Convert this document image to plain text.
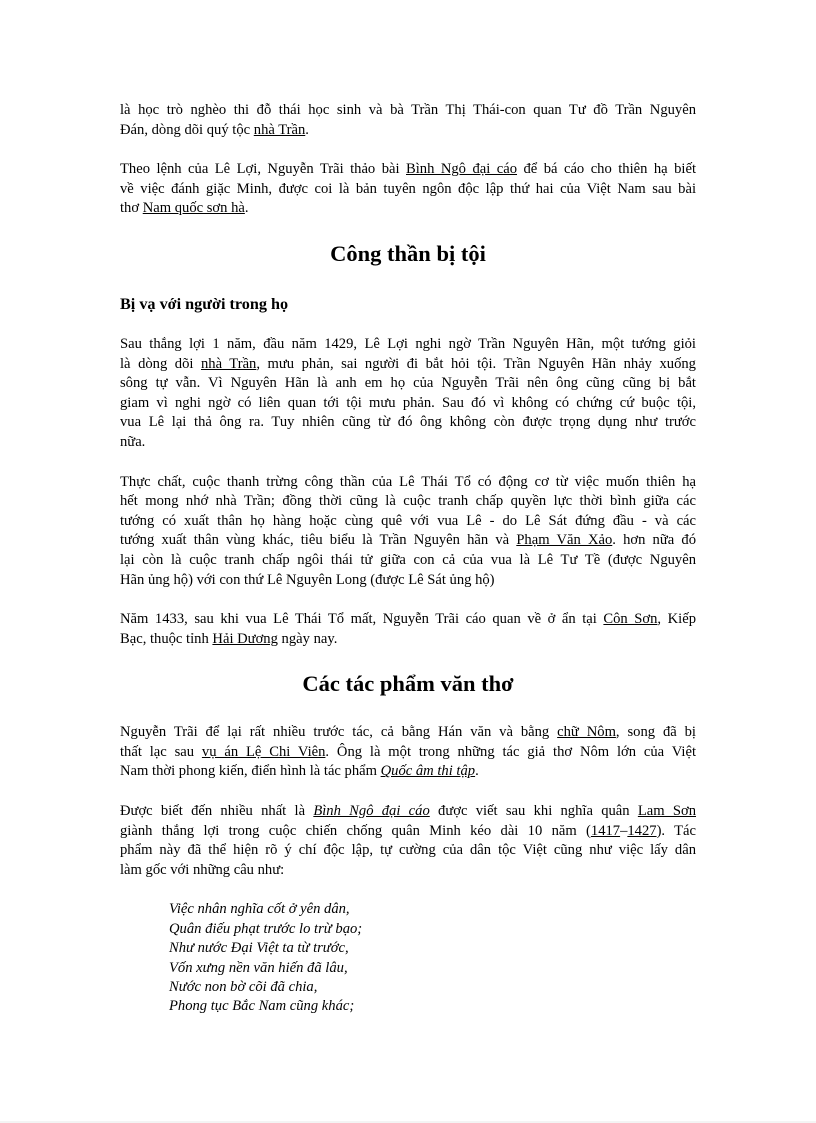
là học trò nghèo thi đỗ thái học sinh và bà Trần Thị Thái-con quan Tư đồ Trần Nguyên
Đán, dòng dõi quý tộc nhà Trần.

Theo lệnh của Lê Lợi, Nguyễn Trãi thảo bài Bình Ngô đại cáo để bá cáo cho thiên hạ biết
về việc đánh giặc Minh, được coi là bản tuyên ngôn độc lập thứ hai của Việt Nam sau bài
thơ Nam quốc sơn hà.

Công thần bị tội
Bị vạ với người trong họ

Sau thắng lợi 1 năm, đầu năm 1429, Lê Lợi nghi ngờ Trần Nguyên Hãn, một tướng giỏi
là dòng dõi nhà Trần, mưu phản, sai người đi bắt hỏi tội. Trần Nguyên Hãn nhảy xuống
sông tự vẫn. Vì Nguyên Hãn là anh em họ của Nguyễn Trãi nên ông cũng cũng bị bắt
giam vì nghi ngờ có liên quan tới tội mưu phản. Sau đó vì không có chứng cứ buộc tội,
vua Lê lại thả ông ra. Tuy nhiên cũng từ đó ông không còn được trọng dụng như trước
nữa.

Thực chất, cuộc thanh trừng công thần của Lê Thái Tổ có động cơ từ việc muốn thiên hạ
hết mong nhớ nhà Trần; đồng thời cũng là cuộc tranh chấp quyền lực thời bình giữa các
tướng có xuất thân họ hàng hoặc cùng quê với vua Lê - do Lê Sát đứng đầu - và các
tướng xuất thân vùng khác, tiêu biểu là Trần Nguyên hãn và Phạm Văn Xảo. hơn nữa đó
lại còn là cuộc tranh chấp ngôi thái tử giữa con cả của vua là Lê Tư Tề (được Nguyên
Hãn ủng hộ) với con thứ Lê Nguyên Long (được Lê Sát ủng hộ)

Năm 1433, sau khi vua Lê Thái Tổ mất, Nguyễn Trãi cáo quan về ở ẩn tại Côn Sơn, Kiếp
Bạc, thuộc tỉnh Hải Dương ngày nay.

Các tác phẩm văn thơ

Nguyễn Trãi để lại rất nhiều trước tác, cả bằng Hán văn và bằng chữ Nôm, song đã bị
thất lạc sau vụ án Lệ Chi Viên. Ông là một trong những tác giả thơ Nôm lớn của Việt
Nam thời phong kiến, điển hình là tác phẩm Quốc âm thi tập.

Được biết đến nhiều nhất là Bình Ngô đại cáo được viết sau khi nghĩa quân Lam Sơn
giành thắng lợi trong cuộc chiến chống quân Minh kéo dài 10 năm (1417–1427). Tác
phẩm này đã thể hiện rõ ý chí độc lập, tự cường của dân tộc Việt cũng như việc lấy dân
làm gốc với những câu như:

Việc nhân nghĩa cốt ở yên dân,
Quân điếu phạt trước lo trừ bạo;
Như nước Đại Việt ta từ trước,
Vốn xưng nền văn hiến đã lâu,
Nước non bờ cõi đã chia,
Phong tục Bắc Nam cũng khác;
